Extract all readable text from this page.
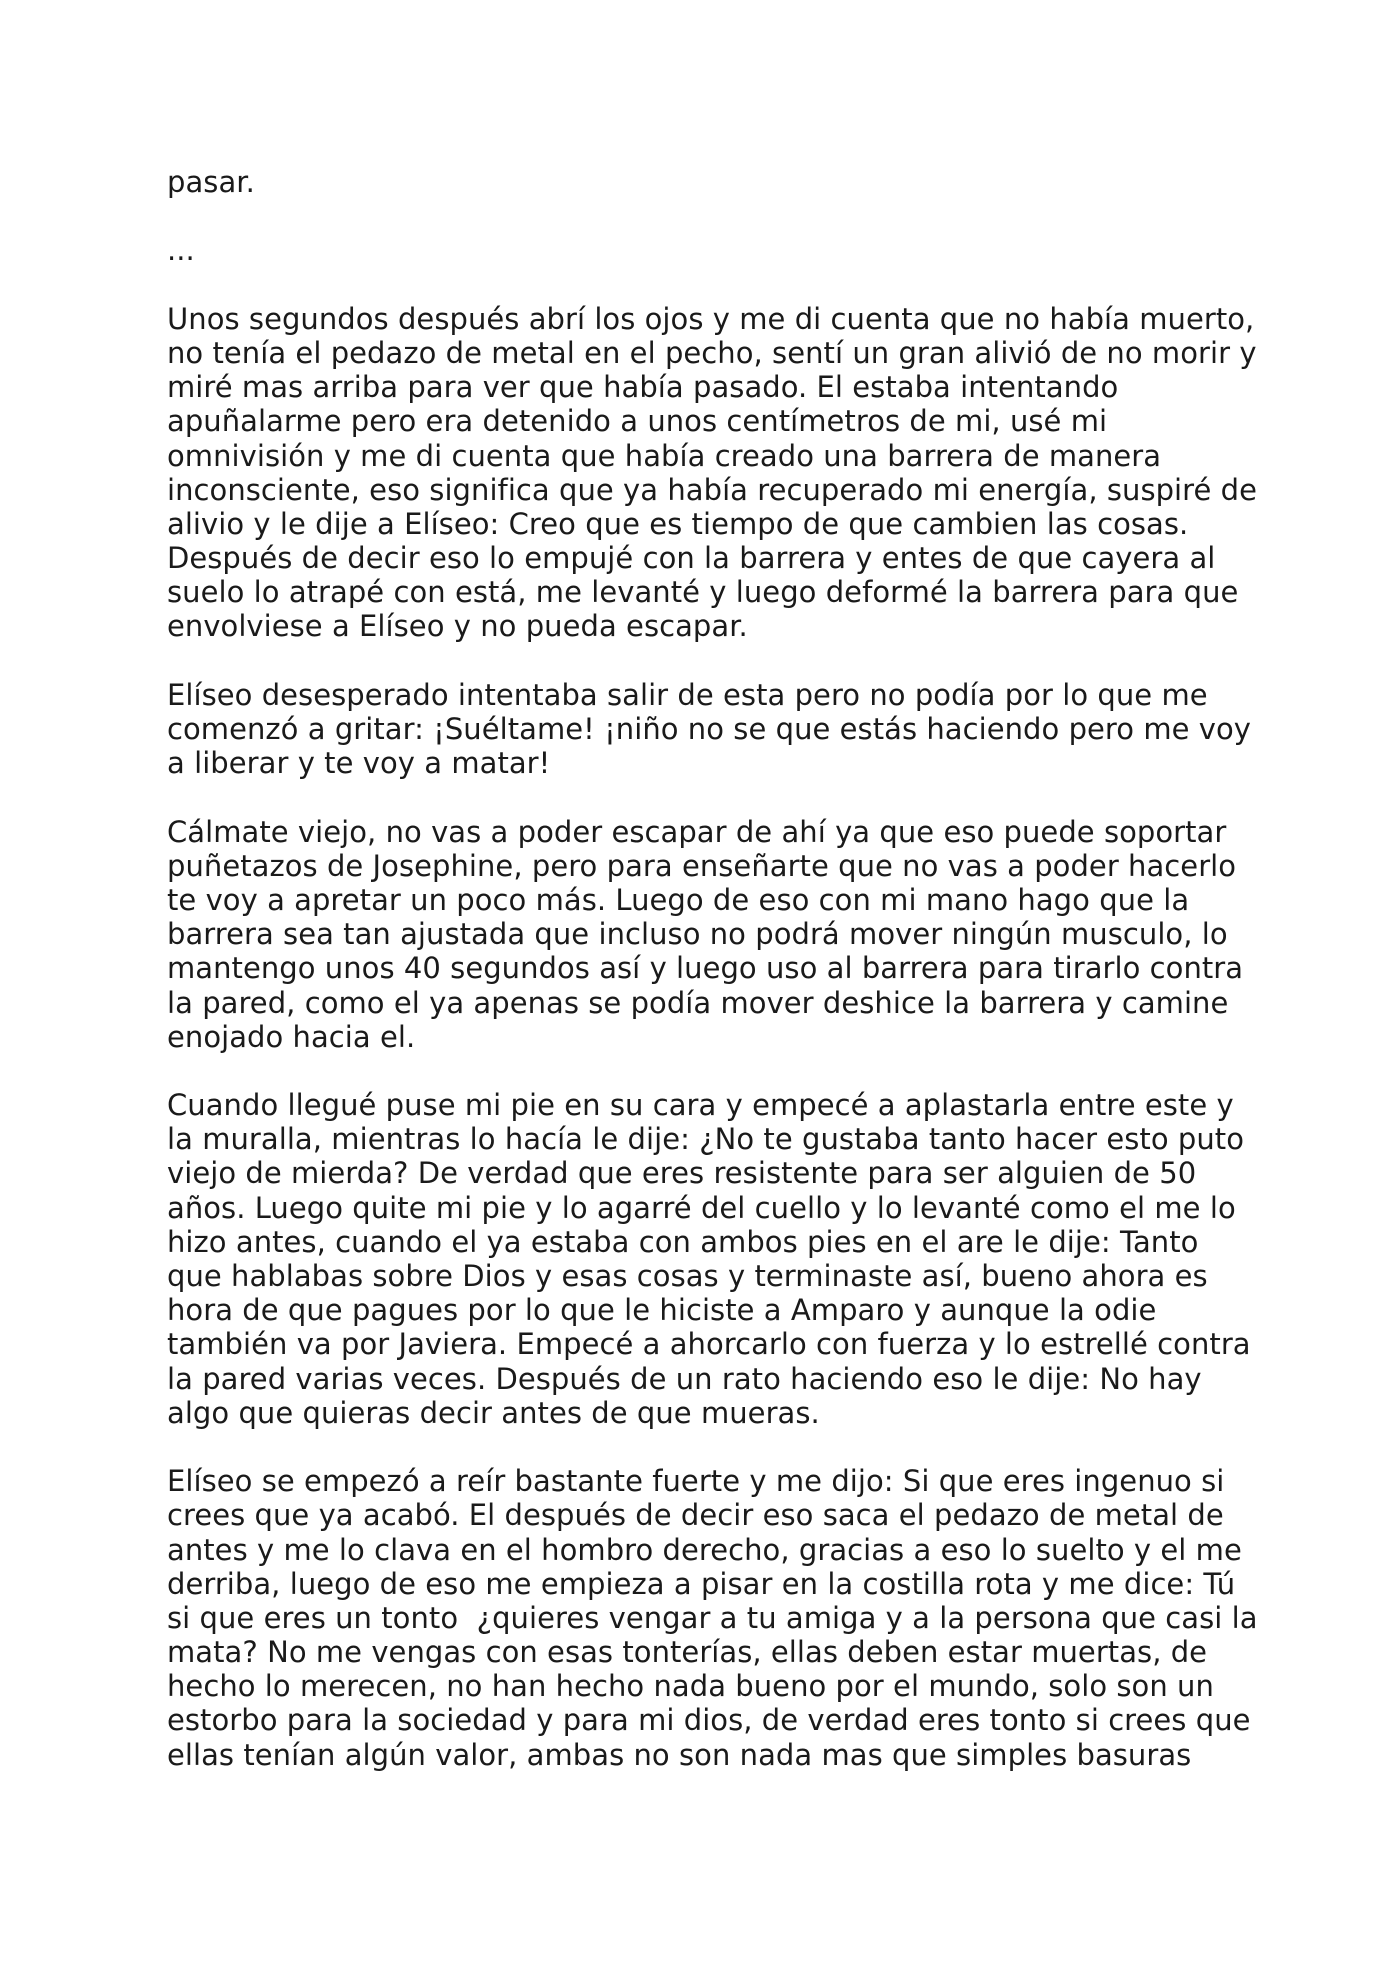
pasar.
...
Unos segundos después abrí los ojos y me di cuenta que no había muerto,
no tenía el pedazo de metal en el pecho, sentí un gran alivió de no morir y
miré mas arriba para ver que había pasado. El estaba intentando
apuñalarme pero era detenido a unos centímetros de mi, usé mi
omnivisión y me di cuenta que había creado una barrera de manera
inconsciente, eso significa que ya había recuperado mi energía, suspiré de
alivio y le dije a Elíseo: Creo que es tiempo de que cambien las cosas.
Después de decir eso lo empujé con la barrera y entes de que cayera al
suelo lo atrapé con está, me levanté y luego deformé la barrera para que
envolviese a Elíseo y no pueda escapar.
Elíseo desesperado intentaba salir de esta pero no podía por lo que me
comenzó a gritar: ¡Suéltame! ¡niño no se que estás haciendo pero me voy
a liberar y te voy a matar!
Cálmate viejo, no vas a poder escapar de ahí ya que eso puede soportar
puñetazos de Josephine, pero para enseñarte que no vas a poder hacerlo
te voy a apretar un poco más. Luego de eso con mi mano hago que la
barrera sea tan ajustada que incluso no podrá mover ningún musculo, lo
mantengo unos 40 segundos así y luego uso al barrera para tirarlo contra
la pared, como el ya apenas se podía mover deshice la barrera y camine
enojado hacia el.
Cuando llegué puse mi pie en su cara y empecé a aplastarla entre este y
la muralla, mientras lo hacía le dije: ¿No te gustaba tanto hacer esto puto
viejo de mierda? De verdad que eres resistente para ser alguien de 50
años. Luego quite mi pie y lo agarré del cuello y lo levanté como el me lo
hizo antes, cuando el ya estaba con ambos pies en el are le dije: Tanto
que hablabas sobre Dios y esas cosas y terminaste así, bueno ahora es
hora de que pagues por lo que le hiciste a Amparo y aunque la odie
también va por Javiera. Empecé a ahorcarlo con fuerza y lo estrellé contra
la pared varias veces. Después de un rato haciendo eso le dije: No hay
algo que quieras decir antes de que mueras.
Elíseo se empezó a reír bastante fuerte y me dijo: Si que eres ingenuo si
crees que ya acabó. El después de decir eso saca el pedazo de metal de
antes y me lo clava en el hombro derecho, gracias a eso lo suelto y el me
derriba, luego de eso me empieza a pisar en la costilla rota y me dice: Tú
si que eres un tonto  ¿quieres vengar a tu amiga y a la persona que casi la
mata? No me vengas con esas tonterías, ellas deben estar muertas, de
hecho lo merecen, no han hecho nada bueno por el mundo, solo son un
estorbo para la sociedad y para mi dios, de verdad eres tonto si crees que
ellas tenían algún valor, ambas no son nada mas que simples basuras
